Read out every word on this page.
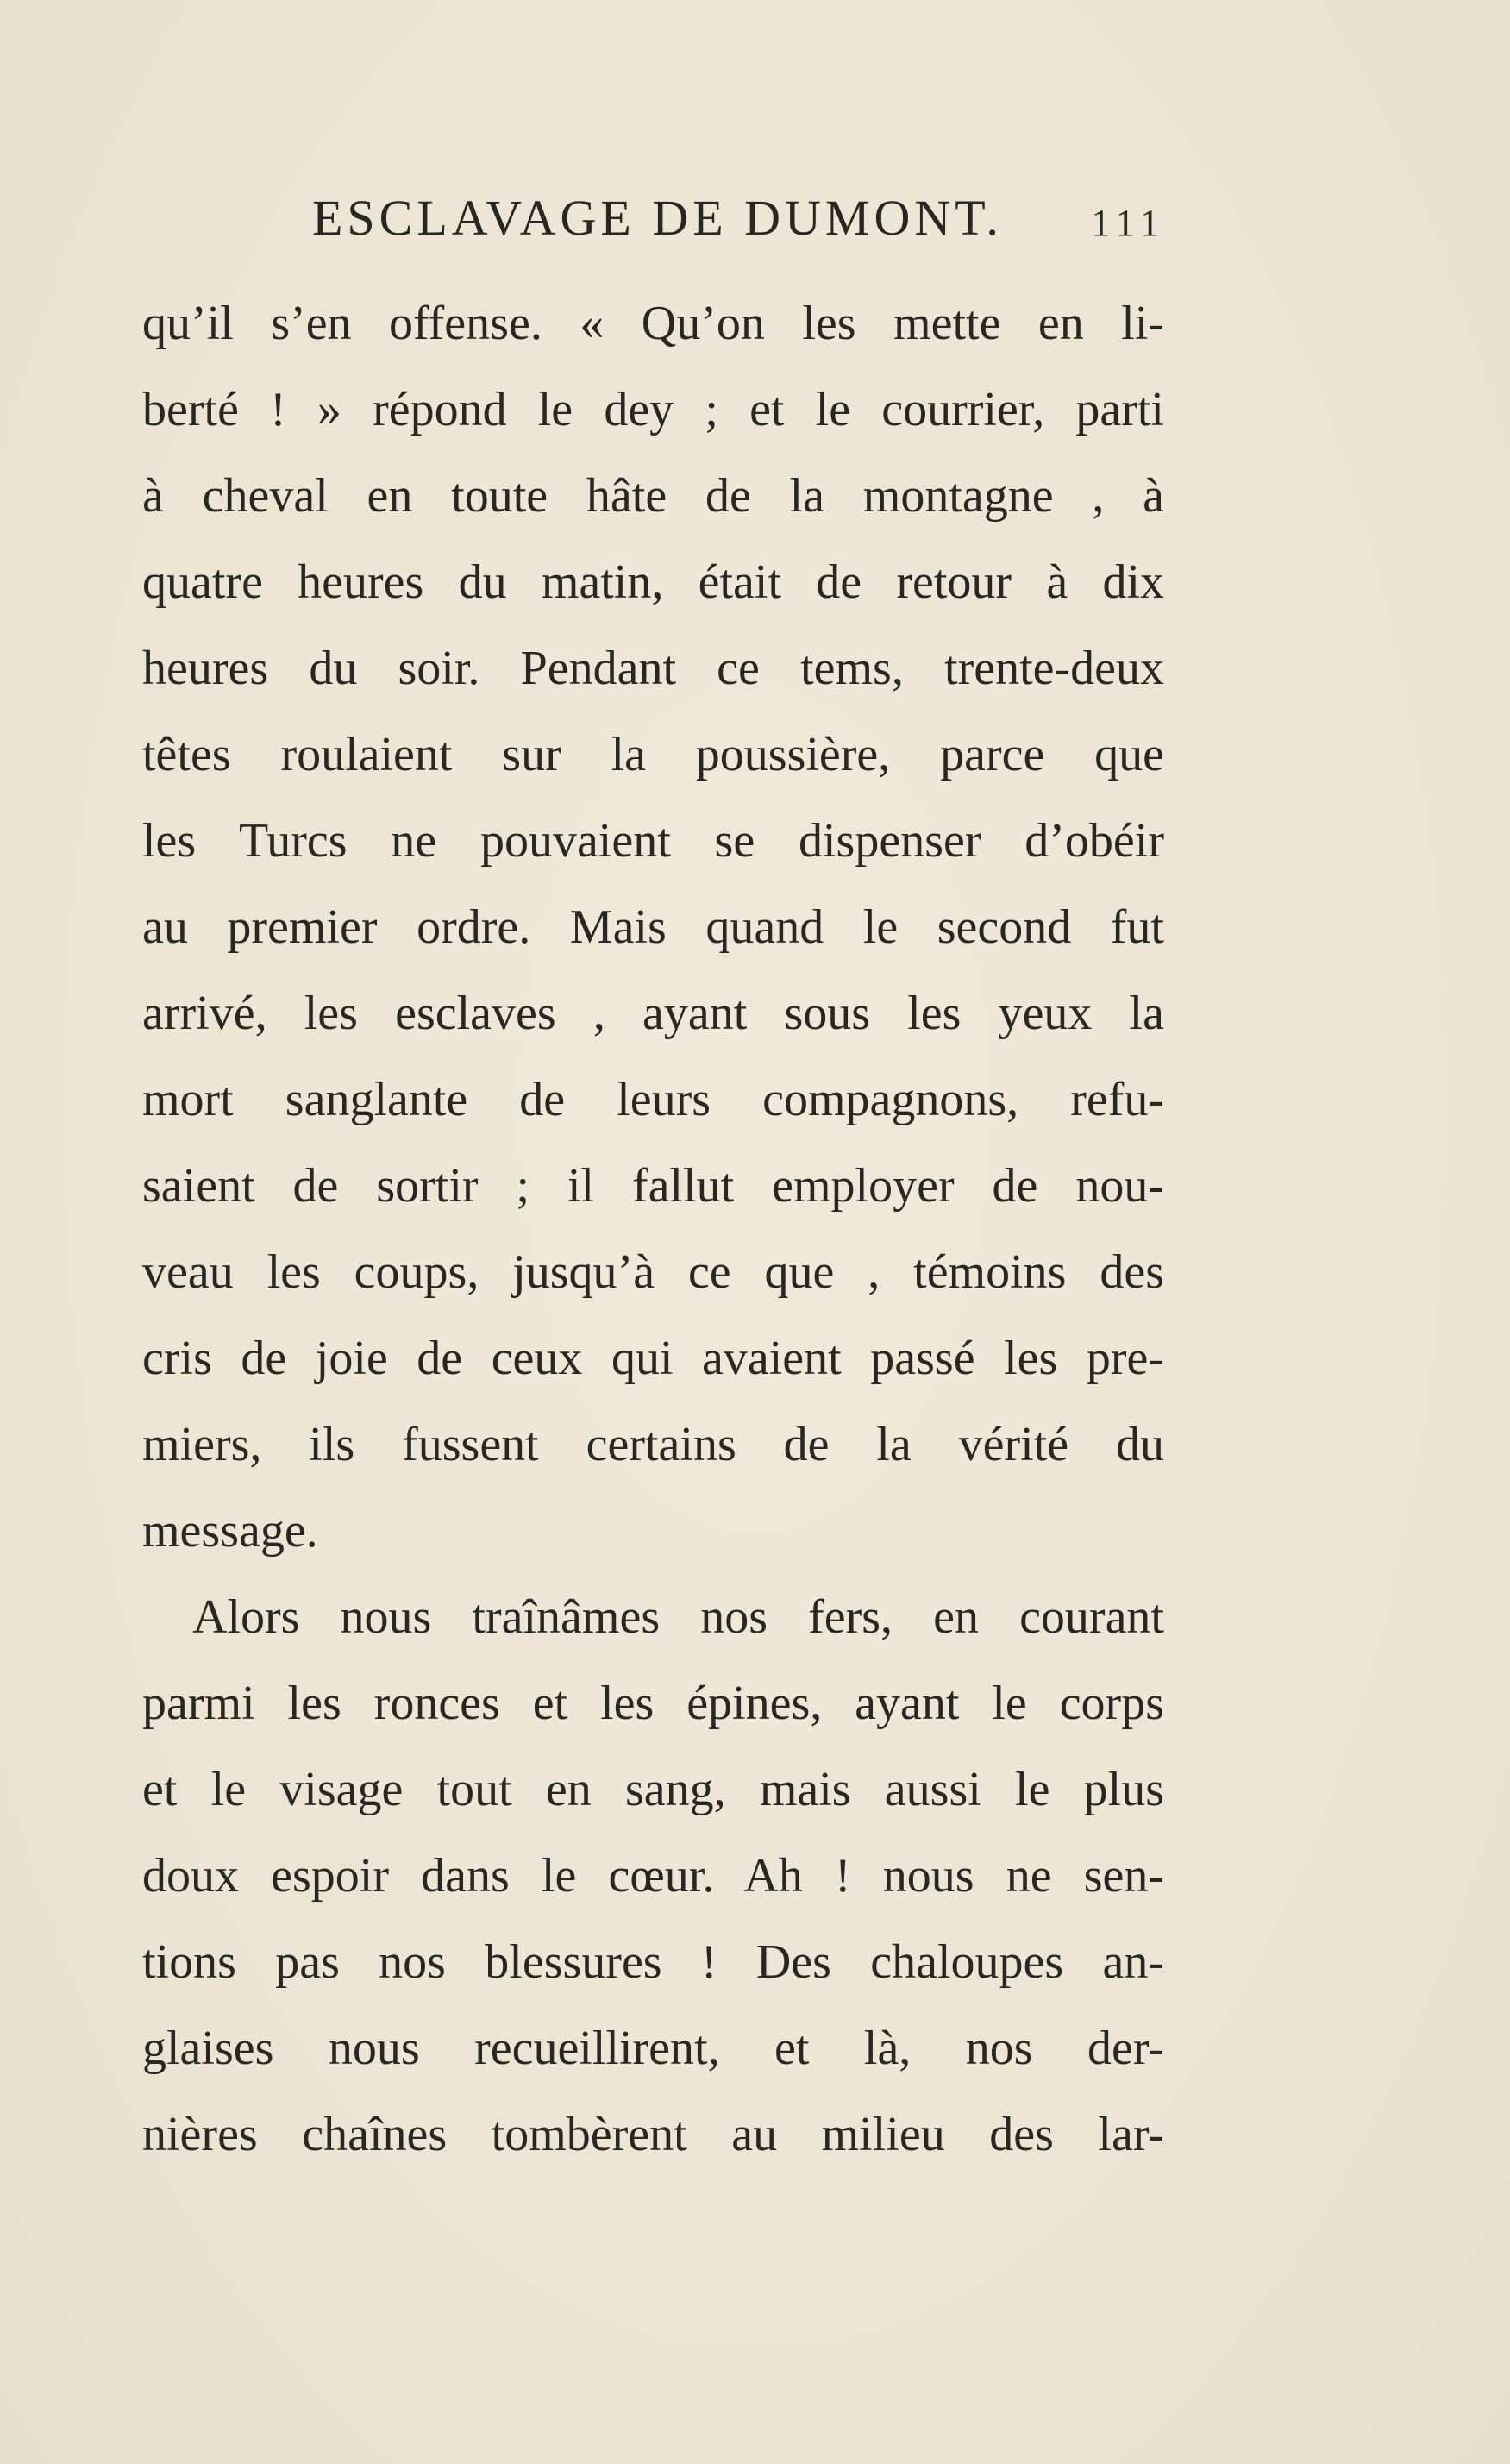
ESCLAVAGE DE DUMONT. 111
qu’il s’en offense. « Qu’on les mette en li-
berté ! » répond le dey ; et le courrier, parti
à cheval en toute hâte de la montagne , à
quatre heures du matin, était de retour à dix
heures du soir. Pendant ce tems, trente-deux
têtes roulaient sur la poussière, parce que
les Turcs ne pouvaient se dispenser d’obéir
au premier ordre. Mais quand le second fut
arrivé, les esclaves , ayant sous les yeux la
mort sanglante de leurs compagnons, refu-
saient de sortir ; il fallut employer de nou-
veau les coups, jusqu’à ce que , témoins des
cris de joie de ceux qui avaient passé les pre-
miers, ils fussent certains de la vérité du
message.
Alors nous traînâmes nos fers, en courant
parmi les ronces et les épines, ayant le corps
et le visage tout en sang, mais aussi le plus
doux espoir dans le cœur. Ah ! nous ne sen-
tions pas nos blessures ! Des chaloupes an-
glaises nous recueillirent, et là, nos der-
nières chaînes tombèrent au milieu des lar-
